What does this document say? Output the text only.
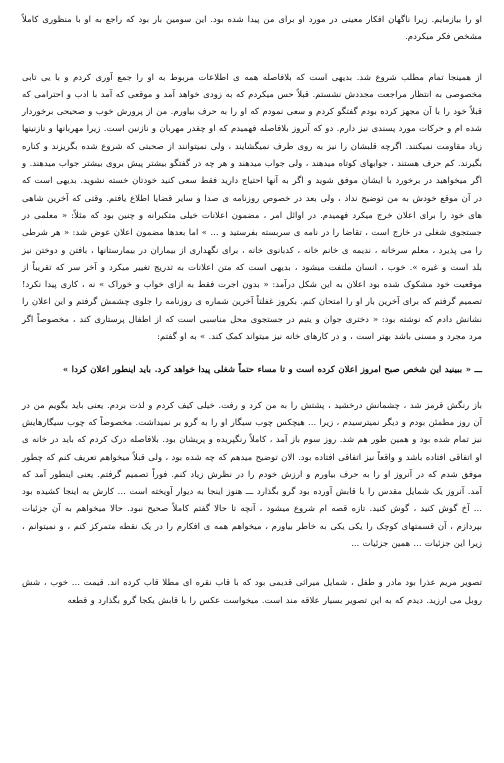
او را بیازمایم. زیرا ناگهان افکار معینی در مورد او برای من پیدا شده بود. این سومین بار بود که راجع به او با منظوری کاملاً مشخص فکر میکردم.

از همینجا تمام مطلب شروع شد. بدیهی است که بلافاصله همه ی اطلاعات مربوط به او را جمع آوری کردم و با یی تابی مخصوصی به انتظار مراجعت مجددش نشستم. قبلاً حس میکردم که به زودی خواهد آمد و موقعی که آمد با ادب و احترامی که قبلاً خود را با آن مجهز کرده بودم گفتگو کردم و سعی نمودم که او را به حرف بیاورم. من از پرورش خوب و صحیحی برخوردار شده ام و حرکات مورد پسندی نیز دارم. دو که آنروز بلافاصله فهمیدم که او چقدر مهربان و نازنین است. زیرا مهربانها و نازنینها زیاد مقاومت نمیکنند. اگرچه قلبشان را نیز به روی طرف نمیگشایند ، ولی نمیتوانند از صحبتی که شروع شده بگریزند و کناره بگیرند. کم حرف هستند ، جوابهای کوتاه میدهند ، ولی جواب میدهند و هر چه در گفتگو بیشتر پیش بروی بیشتر جواب میدهند. و اگر میخواهید در برخورد با ایشان موفق شوید و اگر به آنها احتیاج دارید فقط سعی کنید خودتان خسته نشوید. بدیهی است که در آن موقع خودش به من توضیح نداد ، ولی بعد در خصوص روزنامه ی صدا و سایر قضایا اطلاع یافتم. وقتی که آخرین شاهی های خود را برای اعلان خرج میکرد فهمیدم. در اوائل امر ، مضمون اعلانات خیلی متکبرانه و چنین بود که مثلاً: « معلمی در جستجوی شغلی در خارج است ، تقاضا را در نامه ی سربسته بفرستید و ... » اما بعدها مضمون اعلان عوض شد: « هر شرطی را می پذیرد ، معلم سرخانه ، ندیمه ی خانم خانه ، کدبانوی خانه ، برای نگهداری از بیماران در بیمارستانها ، بافتن و دوختن نیز بلد است و غیره ». خوب ، انسان ملتفت میشود ، بدیهی است که متن اعلانات به تدریج تغییر میکرد و آخر سر که تقریباً از موقعیت خود مشکوک شده بود اعلان به این شکل درآمد: « بدون اجرت فقط به ازای خواب و خوراک » نه ، کاری پیدا نکرد! تصمیم گرفتم که برای آخرین بار او را امتحان کنم. بکروز غفلتاً آخرین شماره ی روزنامه را جلوی چشمش گرفتم و این اعلان را نشانش دادم که نوشته بود: « دختری جوان و یتیم در جستجوی محل مناسبی است که از اطفال پرستاری کند ، مخصوصاً اگر مرد مجرد و مسنی باشد بهتر است ، و در کارهای خانه نیز میتواند کمک کند. » به او گفتم:

ـــ « ببینید این شخص صبح امروز اعلان کرده است و تا مساء حتماً شغلی پیدا خواهد کرد. باید اینطور اعلان کردا »

باز رنگش قرمز شد ، چشمانش درخشید ، پشتش را به من کرد و رفت. خیلی کیف کردم و لذت بردم. یعنی باید بگویم من در آن روز مطمئن بودم و دیگر نمیترسیدم ، زیرا ... هیچکس چوب سیگار او را به گرو بر نمیداشت. مخصوصاً که چوب سیگارهایش نیز تمام شده بود و همین طور هم شد. روز سوم باز آمد ، کاملاً رنگپریده و پریشان بود. بلافاصله درک کردم که باید در خانه ی او اتفاقی افتاده باشد و واقعاً نیز اتفاقی افتاده بود. الان توضیح میدهم که چه شده بود ، ولی قبلاً میخواهم تعریف کنم که چطور موفق شدم که در آنروز او را به حرف بیاورم و ارزش خودم را در نظرش زیاد کنم. فوراً تصمیم گرفتم. یعنی اینطور آمد که آمد. آنروز یک شمایل مقدس را با قابش آورده بود گرو بگذارد ـــ هنوز اینجا به دیوار آویخته است ... کارش به اینجا کشیده بود ... آخ گوش کنید ، گوش کنید. تازه قصه ام شروع میشود ، آنچه تا حالا گفتم کاملاً صحیح نبود. حالا میخواهم به آن جزئیات بپردازم ، آن قسمتهای کوچک را یکی یکی به خاطر بیاورم ، میخواهم همه ی افکارم را در یک نقطه متمرکز کنم ، و نمیتوانم ، زیرا این جزئیات ... همین جزئیات ...

تصویر مریم عذرا بود مادر و طفل ، شمایل میراثی قدیمی بود که با قاب نقره ای مطلا قاب کرده اند. قیمت ... خوب ، شش روبل می ارزید. دیدم که به این تصویر بسیار علاقه مند است. میخواست عکس را با قابش یکجا گرو بگذارد و قطعه
